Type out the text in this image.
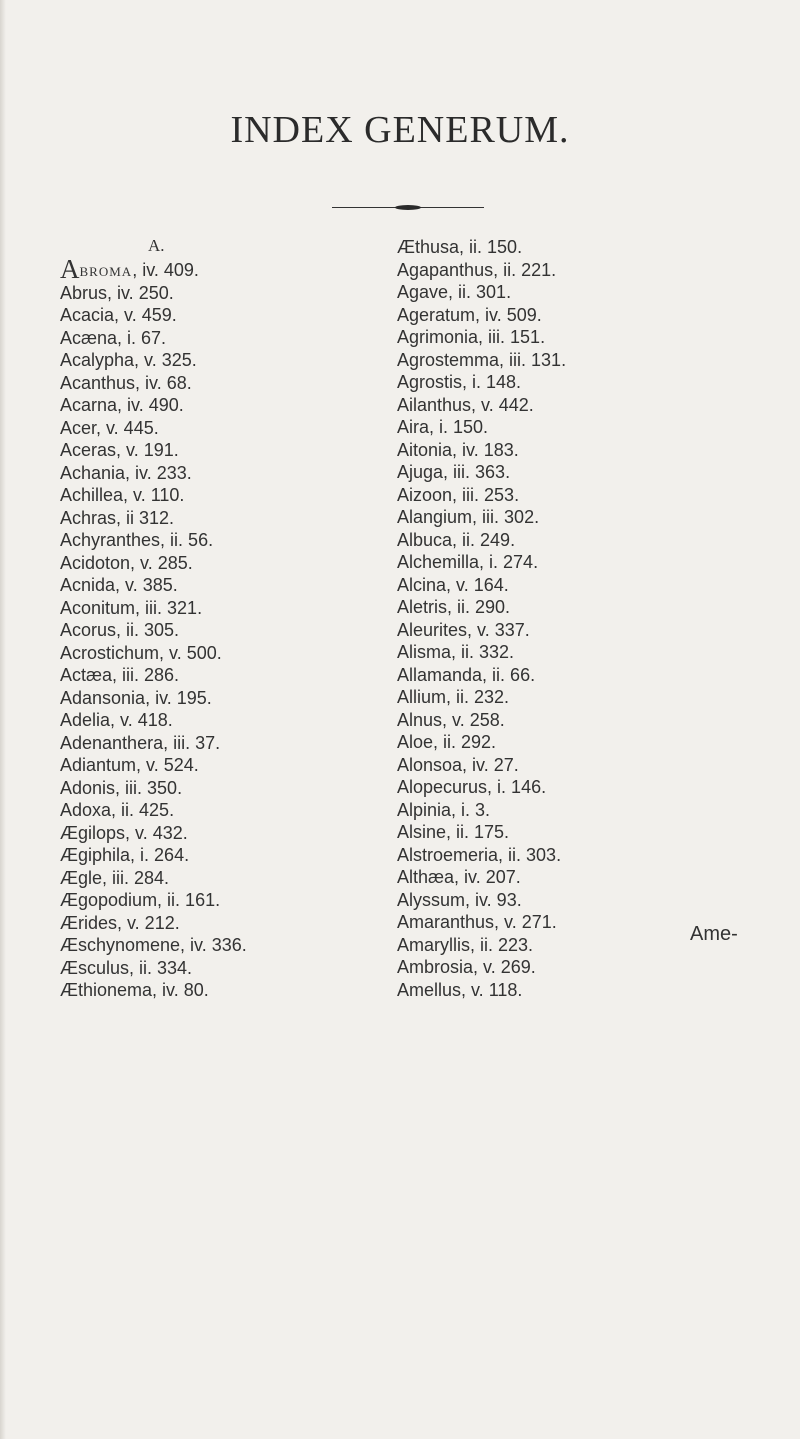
INDEX GENERUM.
A.
Abroma, iv. 409.
Abrus, iv. 250.
Acacia, v. 459.
Acæna, i. 67.
Acalypha, v. 325.
Acanthus, iv. 68.
Acarna, iv. 490.
Acer, v. 445.
Aceras, v. 191.
Achania, iv. 233.
Achillea, v. 110.
Achras, ii 312.
Achyranthes, ii. 56.
Acidoton, v. 285.
Acnida, v. 385.
Aconitum, iii. 321.
Acorus, ii. 305.
Acrostichum, v. 500.
Actæa, iii. 286.
Adansonia, iv. 195.
Adelia, v. 418.
Adenanthera, iii. 37.
Adiantum, v. 524.
Adonis, iii. 350.
Adoxa, ii. 425.
Ægilops, v. 432.
Ægiphila, i. 264.
Ægle, iii. 284.
Ægopodium, ii. 161.
Ærides, v. 212.
Æschynomene, iv. 336.
Æsculus, ii. 334.
Æthionema, iv. 80.
Æthusa, ii. 150.
Agapanthus, ii. 221.
Agave, ii. 301.
Ageratum, iv. 509.
Agrimonia, iii. 151.
Agrostemma, iii. 131.
Agrostis, i. 148.
Ailanthus, v. 442.
Aira, i. 150.
Aitonia, iv. 183.
Ajuga, iii. 363.
Aizoon, iii. 253.
Alangium, iii. 302.
Albuca, ii. 249.
Alchemilla, i. 274.
Alcina, v. 164.
Aletris, ii. 290.
Aleurites, v. 337.
Alisma, ii. 332.
Allamanda, ii. 66.
Allium, ii. 232.
Alnus, v. 258.
Aloe, ii. 292.
Alonsoa, iv. 27.
Alopecurus, i. 146.
Alpinia, i. 3.
Alsine, ii. 175.
Alstroemeria, ii. 303.
Althæa, iv. 207.
Alyssum, iv. 93.
Amaranthus, v. 271.
Amaryllis, ii. 223.
Ambrosia, v. 269.
Amellus, v. 118.
Ame-
